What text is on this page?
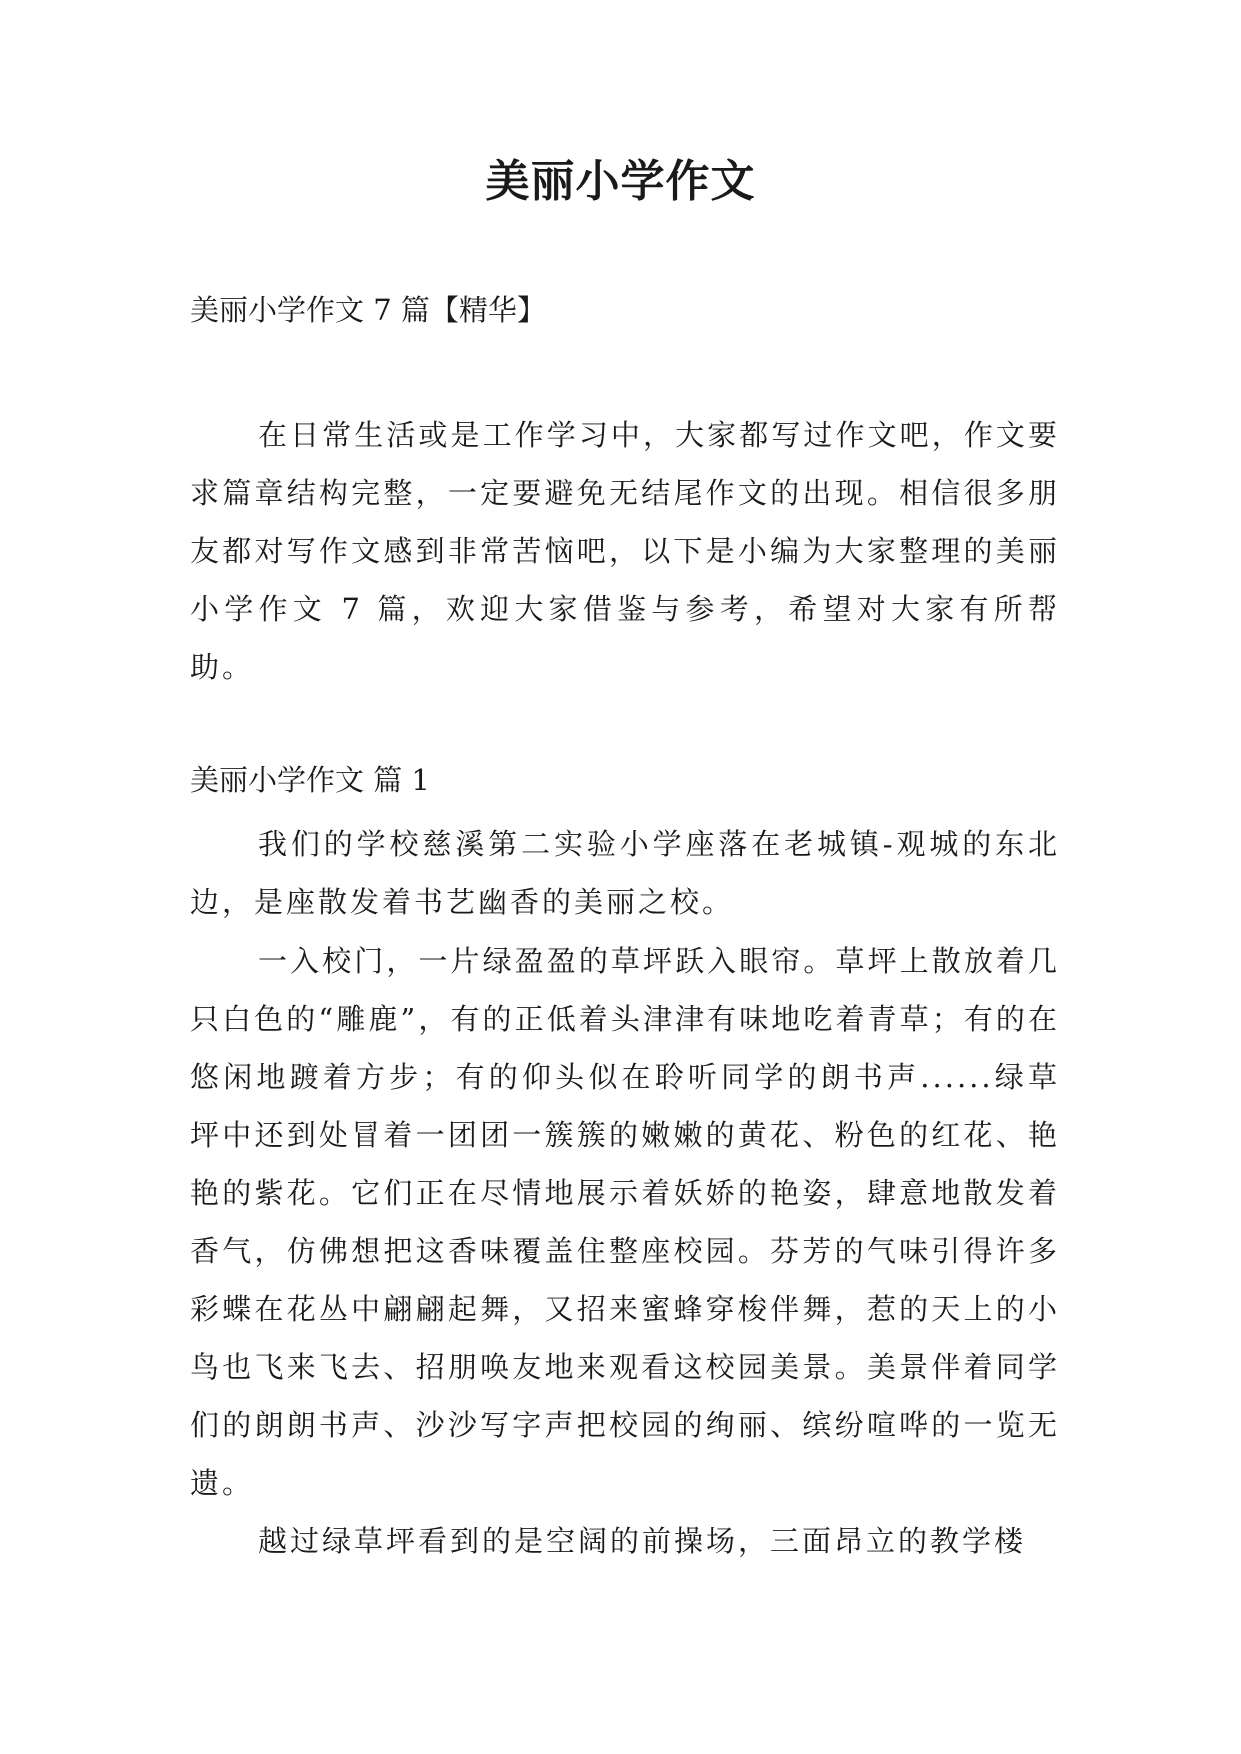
美丽小学作文
美丽小学作文 7 篇【精华】

在日常生活或是工作学习中，大家都写过作文吧，作文要求篇章结构完整，一定要避免无结尾作文的出现。相信很多朋友都对写作文感到非常苦恼吧，以下是小编为大家整理的美丽小学作文 7 篇，欢迎大家借鉴与参考，希望对大家有所帮助。

美丽小学作文 篇 1

我们的学校慈溪第二实验小学座落在老城镇-观城的东北边，是座散发着书艺幽香的美丽之校。

一入校门，一片绿盈盈的草坪跃入眼帘。草坪上散放着几只白色的“雕鹿”，有的正低着头津津有味地吃着青草；有的在悠闲地踱着方步；有的仰头似在聆听同学的朗书声......绿草坪中还到处冒着一团团一簇簇的嫩嫩的黄花、粉色的红花、艳艳的紫花。它们正在尽情地展示着妖娇的艳姿，肆意地散发着香气，仿佛想把这香味覆盖住整座校园。芬芳的气味引得许多彩蝶在花丛中翩翩起舞，又招来蜜蜂穿梭伴舞，惹的天上的小鸟也飞来飞去、招朋唤友地来观看这校园美景。美景伴着同学们的朗朗书声、沙沙写字声把校园的绚丽、缤纷喧哗的一览无遗。

越过绿草坪看到的是空阔的前操场，三面昂立的教学楼
